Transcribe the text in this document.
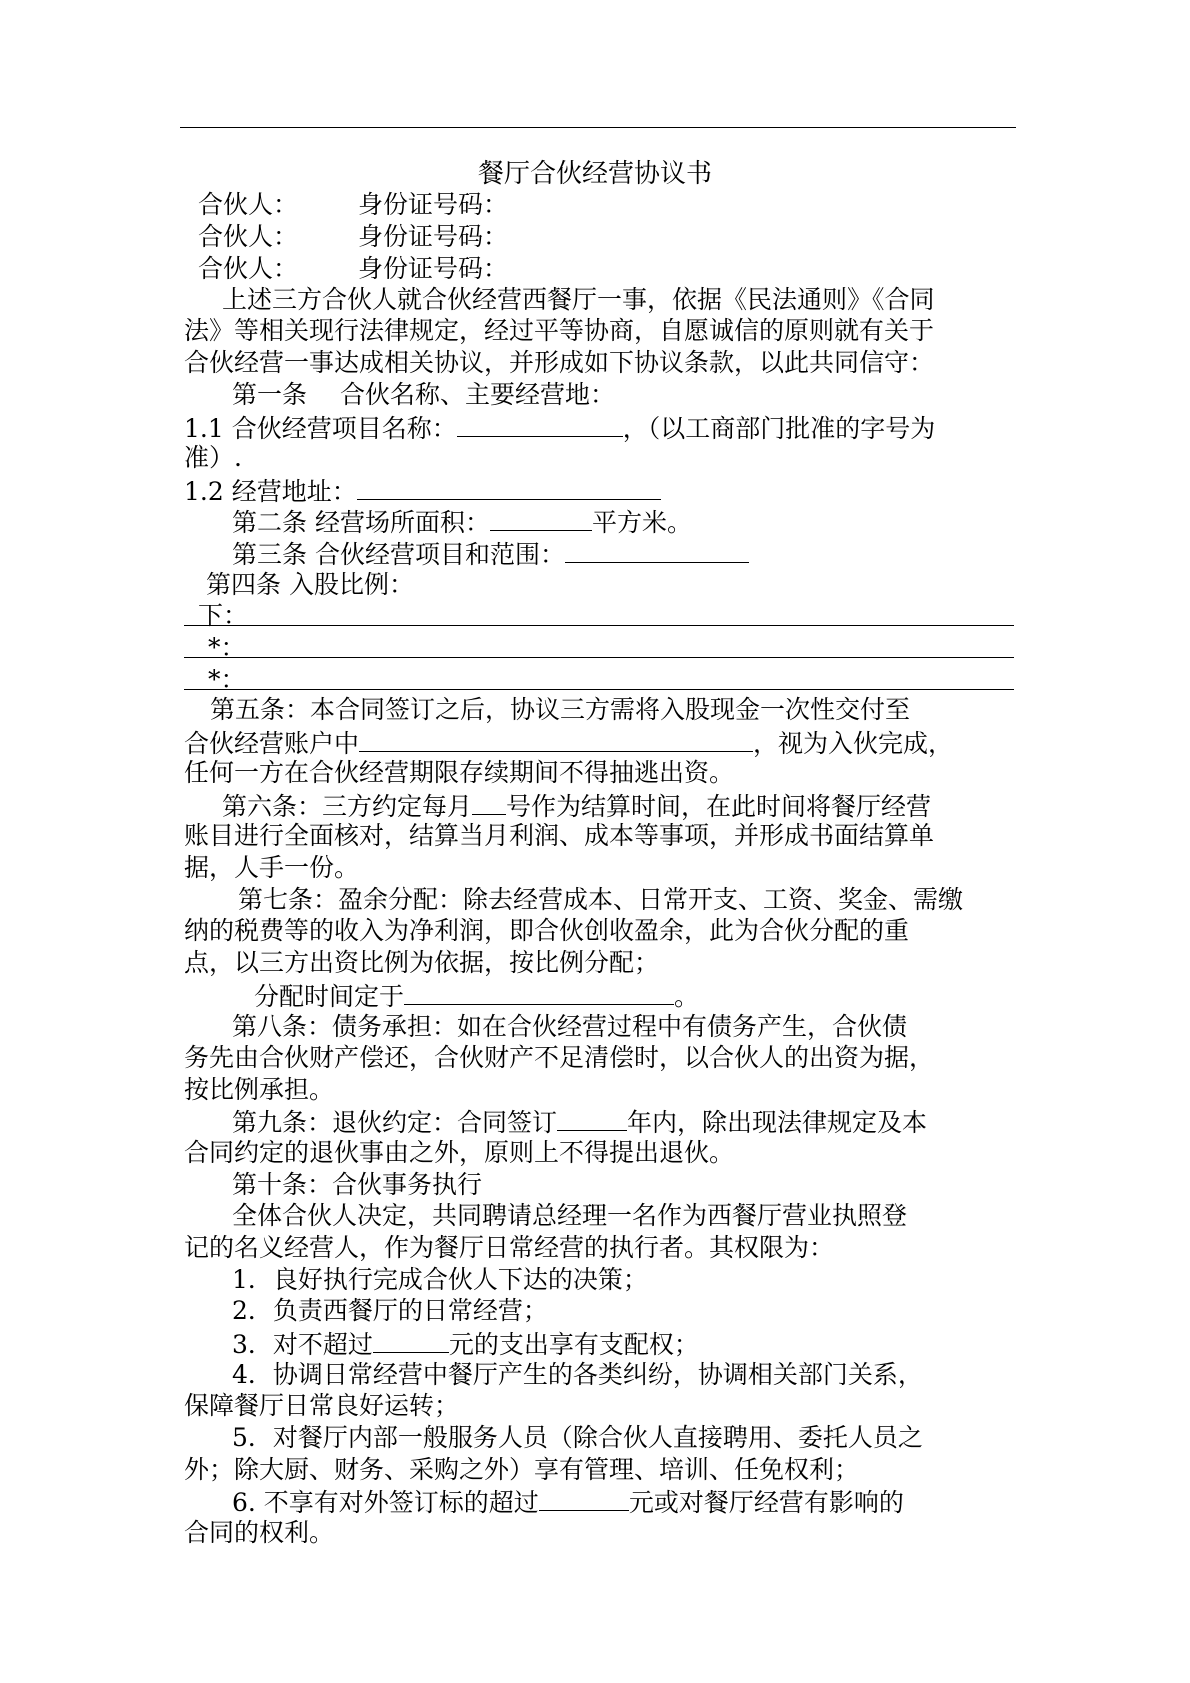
餐厅合伙经营协议书
合伙人： 身份证号码：
合伙人： 身份证号码：
合伙人： 身份证号码：
上述三方合伙人就合伙经营西餐厅一事，依据《民法通则》《合同
法》等相关现行法律规定，经过平等协商，自愿诚信的原则就有关于
合伙经营一事达成相关协议，并形成如下协议条款，以此共同信守：
第一条　 合伙名称、主要经营地：
1.1 合伙经营项目名称：	，（以工商部门批准的字号为
准）.
1.2 经营地址：
第二条 经营场所面积：	平方米。
第三条 合伙经营项目和范围：
第四条 入股比例：
下：
*：
*：
第五条：本合同签订之后，协议三方需将入股现金一次性交付至
合伙经营账户中	，视为入伙完成，
任何一方在合伙经营期限存续期间不得抽逃出资。
第六条：三方约定每月 号作为结算时间，在此时间将餐厅经营
账目进行全面核对，结算当月利润、成本等事项，并形成书面结算单
据，人手一份。
第七条：盈余分配：除去经营成本、日常开支、工资、奖金、需缴
纳的税费等的收入为净利润，即合伙创收盈余，此为合伙分配的重
点，以三方出资比例为依据，按比例分配；
分配时间定于	。
第八条：债务承担：如在合伙经营过程中有债务产生，合伙债
务先由合伙财产偿还，合伙财产不足清偿时，以合伙人的出资为据，
按比例承担。
第九条：退伙约定：合同签订	年内，除出现法律规定及本
合同约定的退伙事由之外，原则上不得提出退伙。
第十条：合伙事务执行
全体合伙人决定，共同聘请总经理一名作为西餐厅营业执照登
记的名义经营人，作为餐厅日常经营的执行者。其权限为：
1．良好执行完成合伙人下达的决策；
2．负责西餐厅的日常经营；
3．对不超过	元的支出享有支配权；
4．协调日常经营中餐厅产生的各类纠纷，协调相关部门关系，
保障餐厅日常良好运转；
5．对餐厅内部一般服务人员（除合伙人直接聘用、委托人员之
外；除大厨、财务、采购之外）享有管理、培训、任免权利；
6. 不享有对外签订标的超过	元或对餐厅经营有影响的
合同的权利。
